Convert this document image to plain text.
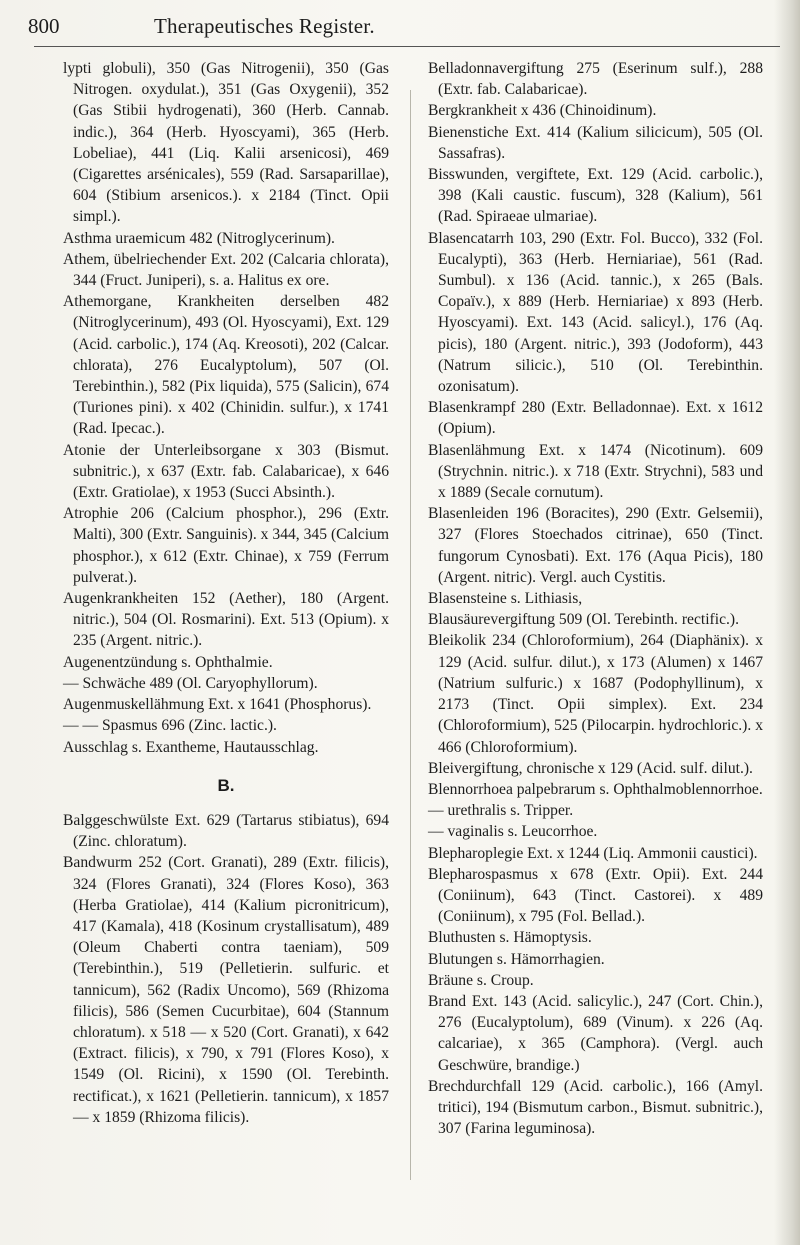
800	Therapeutisches Register.

lypti globuli), 350 (Gas Nitrogenii), 350 (Gas Nitrogen. oxydulat.), 351 (Gas Oxygenii), 352 (Gas Stibii hydrogenati), 360 (Herb. Cannab. indic.), 364 (Herb. Hyoscyami), 365 (Herb. Lobeliae), 441 (Liq. Kalii arsenicosi), 469 (Cigarettes arsénicales), 559 (Rad. Sarsaparillae), 604 (Stibium arsenicos.). x 2184 (Tinct. Opii simpl.).

Asthma uraemicum 482 (Nitroglycerinum).

Athem, übelriechender Ext. 202 (Calcaria chlorata), 344 (Fruct. Juniperi), s. a. Halitus ex ore.

Athemorgane, Krankheiten derselben 482 (Nitroglycerinum), 493 (Ol. Hyoscyami), Ext. 129 (Acid. carbolic.), 174 (Aq. Kreosoti), 202 (Calcar. chlorata), 276 Eucalyptolum), 507 (Ol. Terebinthin.), 582 (Pix liquida), 575 (Salicin), 674 (Turiones pini). x 402 (Chinidin. sulfur.), x 1741 (Rad. Ipecac.).

Atonie der Unterleibsorgane x 303 (Bismut. subnitric.), x 637 (Extr. fab. Calabaricae), x 646 (Extr. Gratiolae), x 1953 (Succi Absinth.).

Atrophie 206 (Calcium phosphor.), 296 (Extr. Malti), 300 (Extr. Sanguinis). x 344, 345 (Calcium phosphor.), x 612 (Extr. Chinae), x 759 (Ferrum pulverat.).

Augenkrankheiten 152 (Aether), 180 (Argent. nitric.), 504 (Ol. Rosmarini). Ext. 513 (Opium). x 235 (Argent. nitric.).

Augenentzündung s. Ophthalmie.

— Schwäche 489 (Ol. Caryophyllorum).

Augenmuskellähmung Ext. x 1641 (Phosphorus).

— — Spasmus 696 (Zinc. lactic.).

Ausschlag s. Exantheme, Hautausschlag.

B.

Balggeschwülste Ext. 629 (Tartarus stibiatus), 694 (Zinc. chloratum).

Bandwurm 252 (Cort. Granati), 289 (Extr. filicis), 324 (Flores Granati), 324 (Flores Koso), 363 (Herba Gratiolae), 414 (Kalium picronitricum), 417 (Kamala), 418 (Kosinum crystallisatum), 489 (Oleum Chaberti contra taeniam), 509 (Terebinthin.), 519 (Pelletierin. sulfuric. et tannicum), 562 (Radix Uncomo), 569 (Rhizoma filicis), 586 (Semen Cucurbitae), 604 (Stannum chloratum). x 518 — x 520 (Cort. Granati), x 642 (Extract. filicis), x 790, x 791 (Flores Koso), x 1549 (Ol. Ricini), x 1590 (Ol. Terebinth. rectificat.), x 1621 (Pelletierin. tannicum), x 1857 — x 1859 (Rhizoma filicis).

Belladonnavergiftung 275 (Eserinum sulf.), 288 (Extr. fab. Calabaricae).

Bergkrankheit x 436 (Chinoidinum).

Bienenstiche Ext. 414 (Kalium silicicum), 505 (Ol. Sassafras).

Bisswunden, vergiftete, Ext. 129 (Acid. carbolic.), 398 (Kali caustic. fuscum), 328 (Kalium), 561 (Rad. Spiraeae ulmariae).

Blasencatarrh 103, 290 (Extr. Fol. Bucco), 332 (Fol. Eucalypti), 363 (Herb. Herniariae), 561 (Rad. Sumbul). x 136 (Acid. tannic.), x 265 (Bals. Copaïv.), x 889 (Herb. Herniariae) x 893 (Herb. Hyoscyami). Ext. 143 (Acid. salicyl.), 176 (Aq. picis), 180 (Argent. nitric.), 393 (Jodoform), 443 (Natrum silicic.), 510 (Ol. Terebinthin. ozonisatum).

Blasenkrampf 280 (Extr. Belladonnae). Ext. x 1612 (Opium).

Blasenlähmung Ext. x 1474 (Nicotinum). 609 (Strychnin. nitric.). x 718 (Extr. Strychni), 583 und x 1889 (Secale cornutum).

Blasenleiden 196 (Boracites), 290 (Extr. Gelsemii), 327 (Flores Stoechados citrinae), 650 (Tinct. fungorum Cynosbati). Ext. 176 (Aqua Picis), 180 (Argent. nitric). Vergl. auch Cystitis.

Blasensteine s. Lithiasis,

Blausäurevergiftung 509 (Ol. Terebinth. rectific.).

Bleikolik 234 (Chloroformium), 264 (Diaphänix). x 129 (Acid. sulfur. dilut.), x 173 (Alumen) x 1467 (Natrium sulfuric.) x 1687 (Podophyllinum), x 2173 (Tinct. Opii simplex). Ext. 234 (Chloroformium), 525 (Pilocarpin. hydrochloric.). x 466 (Chloroformium).

Bleivergiftung, chronische x 129 (Acid. sulf. dilut.).

Blennorrhoea palpebrarum s. Ophthalmoblennorrhoe.

— urethralis s. Tripper.

— vaginalis s. Leucorrhoe.

Blepharoplegie Ext. x 1244 (Liq. Ammonii caustici).

Blepharospasmus x 678 (Extr. Opii). Ext. 244 (Coniinum), 643 (Tinct. Castorei). x 489 (Coniinum), x 795 (Fol. Bellad.).

Bluthusten s. Hämoptysis.

Blutungen s. Hämorrhagien.

Bräune s. Croup.

Brand Ext. 143 (Acid. salicylic.), 247 (Cort. Chin.), 276 (Eucalyptolum), 689 (Vinum). x 226 (Aq. calcariae), x 365 (Camphora). (Vergl. auch Geschwüre, brandige.)

Brechdurchfall 129 (Acid. carbolic.), 166 (Amyl. tritici), 194 (Bismutum carbon., Bismut. subnitric.), 307 (Farina leguminosa).
